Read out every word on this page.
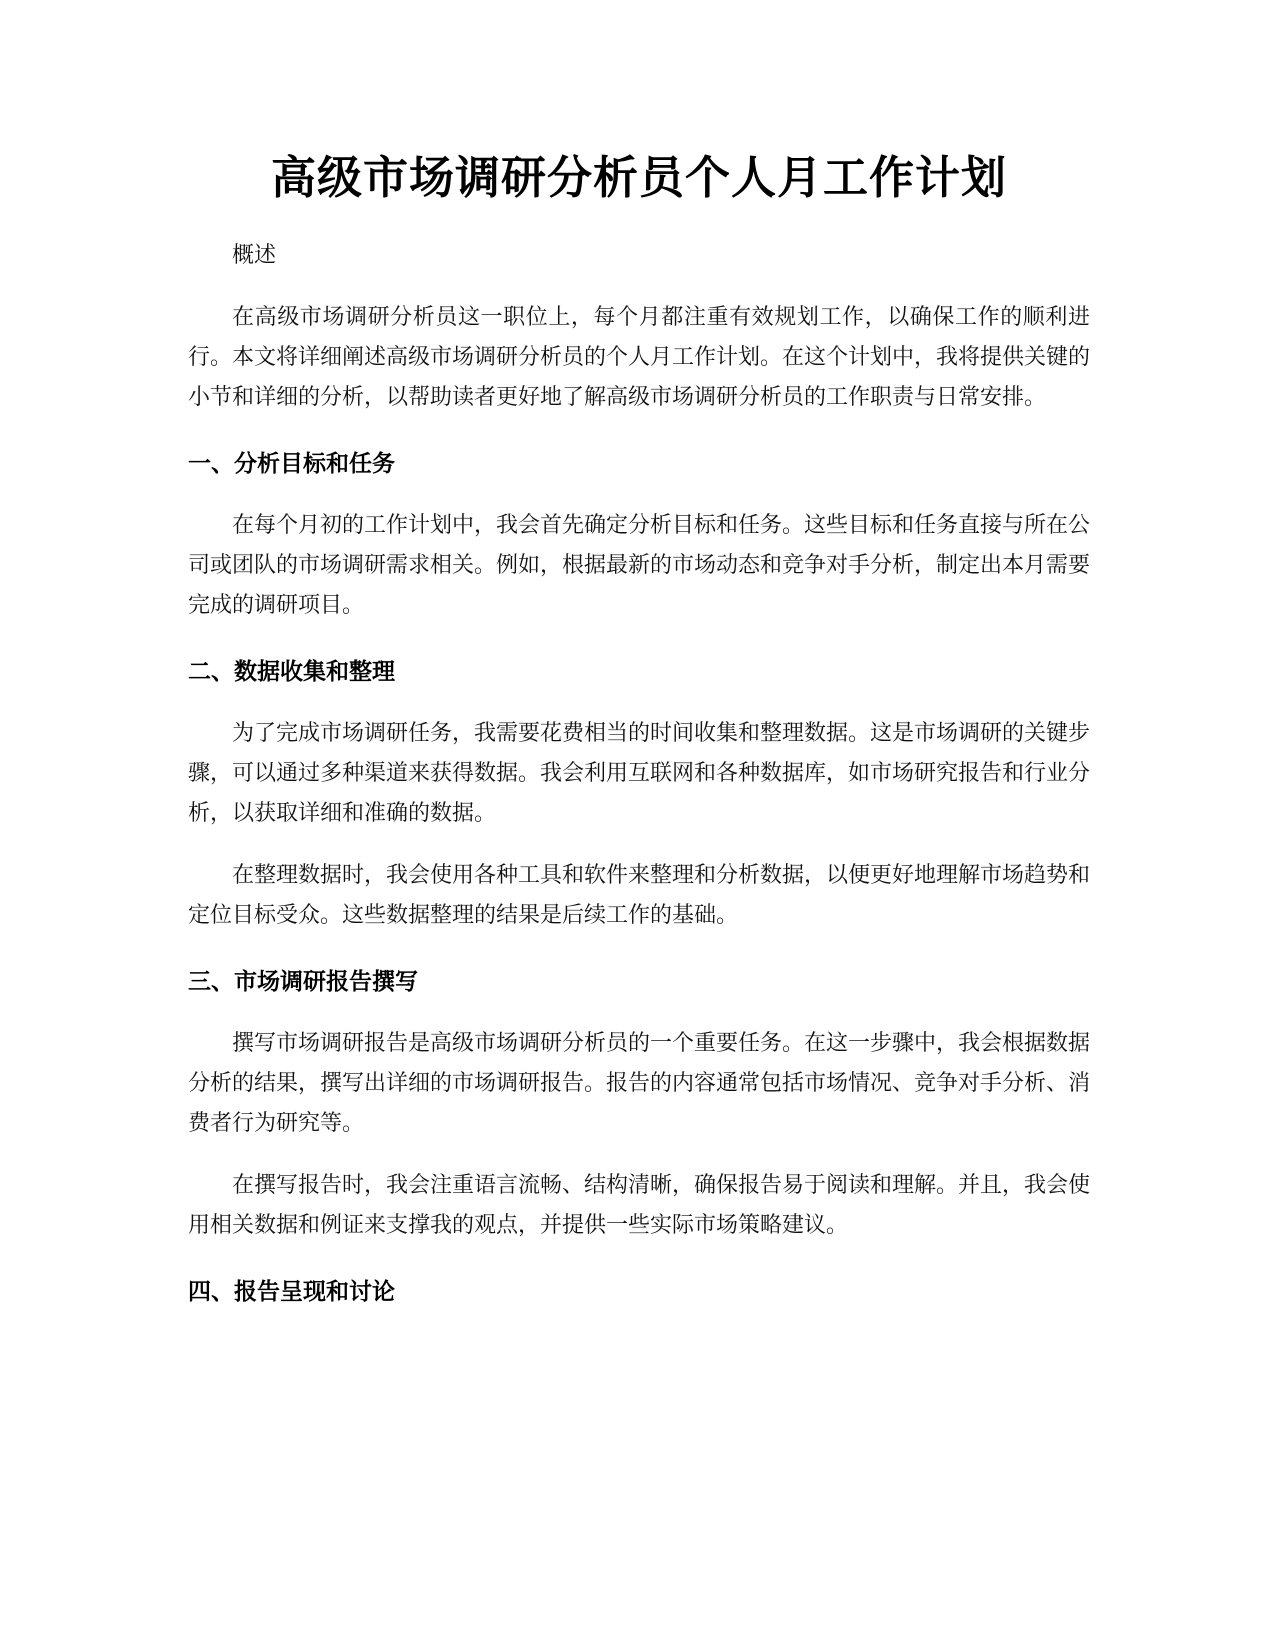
高级市场调研分析员个人月工作计划

概述

在高级市场调研分析员这一职位上，每个月都注重有效规划工作，以确保工作的顺利进行。本文将详细阐述高级市场调研分析员的个人月工作计划。在这个计划中，我将提供关键的小节和详细的分析，以帮助读者更好地了解高级市场调研分析员的工作职责与日常安排。

一、分析目标和任务

在每个月初的工作计划中，我会首先确定分析目标和任务。这些目标和任务直接与所在公司或团队的市场调研需求相关。例如，根据最新的市场动态和竞争对手分析，制定出本月需要完成的调研项目。

二、数据收集和整理

为了完成市场调研任务，我需要花费相当的时间收集和整理数据。这是市场调研的关键步骤，可以通过多种渠道来获得数据。我会利用互联网和各种数据库，如市场研究报告和行业分析，以获取详细和准确的数据。

在整理数据时，我会使用各种工具和软件来整理和分析数据，以便更好地理解市场趋势和定位目标受众。这些数据整理的结果是后续工作的基础。

三、市场调研报告撰写

撰写市场调研报告是高级市场调研分析员的一个重要任务。在这一步骤中，我会根据数据分析的结果，撰写出详细的市场调研报告。报告的内容通常包括市场情况、竞争对手分析、消费者行为研究等。

在撰写报告时，我会注重语言流畅、结构清晰，确保报告易于阅读和理解。并且，我会使用相关数据和例证来支撑我的观点，并提供一些实际市场策略建议。

四、报告呈现和讨论
